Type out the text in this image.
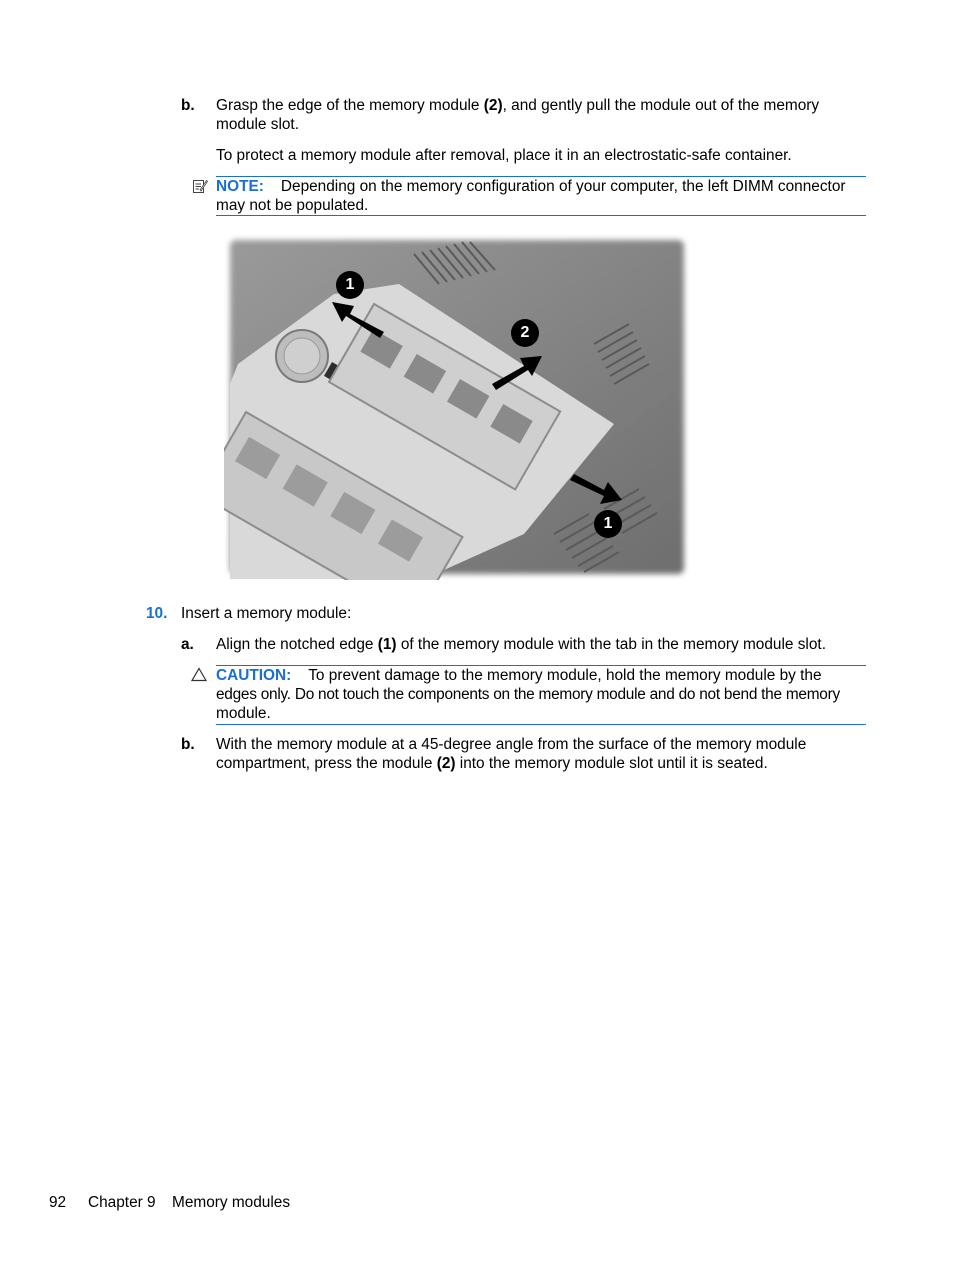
b. Grasp the edge of the memory module (2), and gently pull the module out of the memory
module slot.
To protect a memory module after removal, place it in an electrostatic-safe container.
NOTE: Depending on the memory configuration of your computer, the left DIMM connector
may not be populated.
1
2
1
10. Insert a memory module:
a. Align the notched edge (1) of the memory module with the tab in the memory module slot.
CAUTION: To prevent damage to the memory module, hold the memory module by the
edges only. Do not touch the components on the memory module and do not bend the memory
module.
b. With the memory module at a 45-degree angle from the surface of the memory module
compartment, press the module (2) into the memory module slot until it is seated.
92 Chapter 9 Memory modules
